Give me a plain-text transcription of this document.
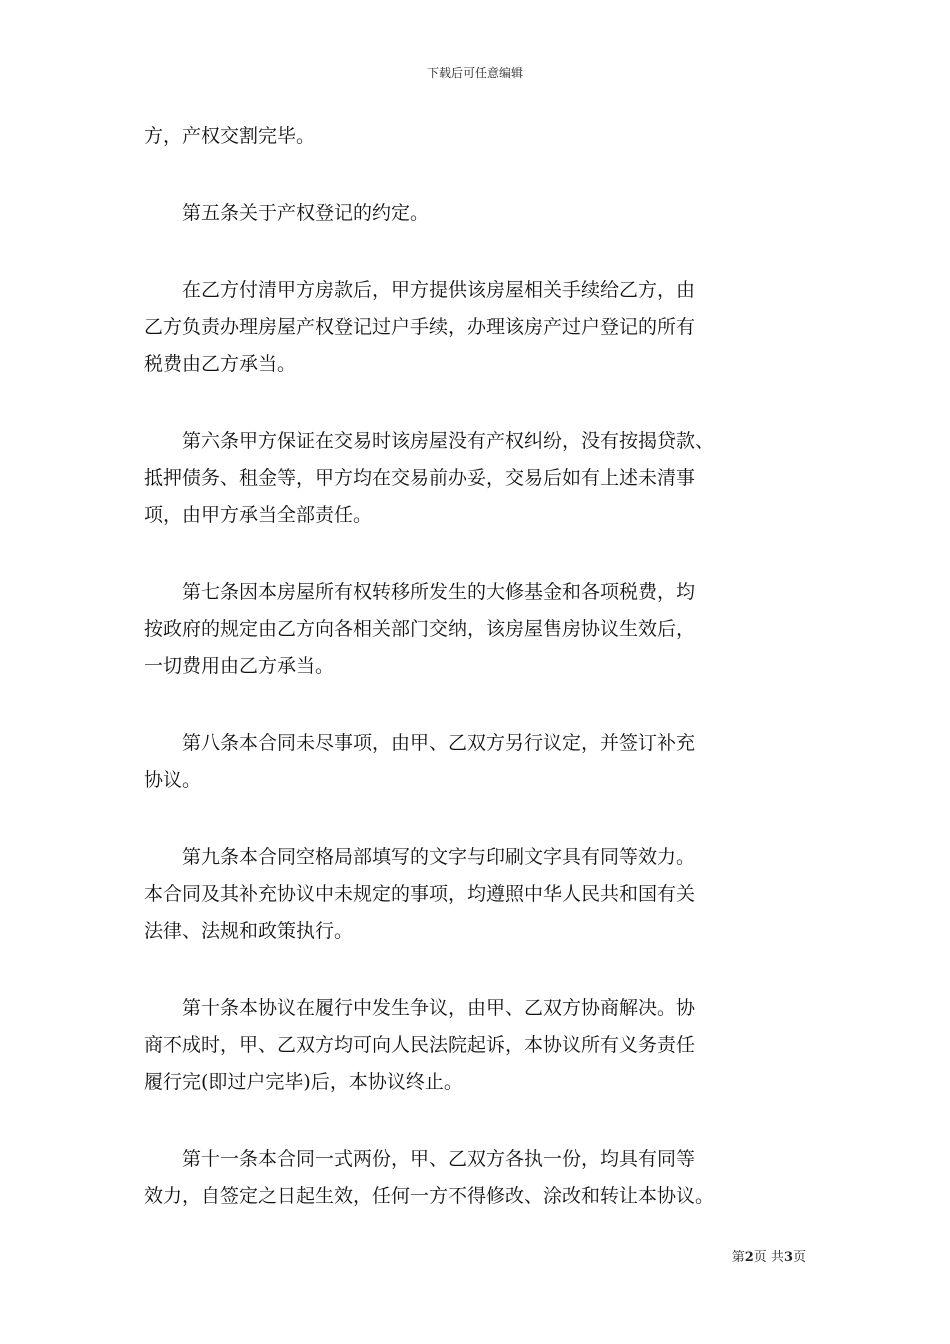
下载后可任意编辑

方，产权交割完毕。

第五条关于产权登记的约定。

在乙方付清甲方房款后，甲方提供该房屋相关手续给乙方，由
乙方负责办理房屋产权登记过户手续，办理该房产过户登记的所有
税费由乙方承当。

第六条甲方保证在交易时该房屋没有产权纠纷，没有按揭贷款、
抵押债务、租金等，甲方均在交易前办妥，交易后如有上述未清事
项，由甲方承当全部责任。

第七条因本房屋所有权转移所发生的大修基金和各项税费，均
按政府的规定由乙方向各相关部门交纳，该房屋售房协议生效后，
一切费用由乙方承当。

第八条本合同未尽事项，由甲、乙双方另行议定，并签订补充
协议。

第九条本合同空格局部填写的文字与印刷文字具有同等效力。
本合同及其补充协议中未规定的事项，均遵照中华人民共和国有关
法律、法规和政策执行。

第十条本协议在履行中发生争议，由甲、乙双方协商解决。协
商不成时，甲、乙双方均可向人民法院起诉，本协议所有义务责任
履行完(即过户完毕)后，本协议终止。

第十一条本合同一式两份，甲、乙双方各执一份，均具有同等
效力，自签定之日起生效，任何一方不得修改、涂改和转让本协议。

第2页 共3页
